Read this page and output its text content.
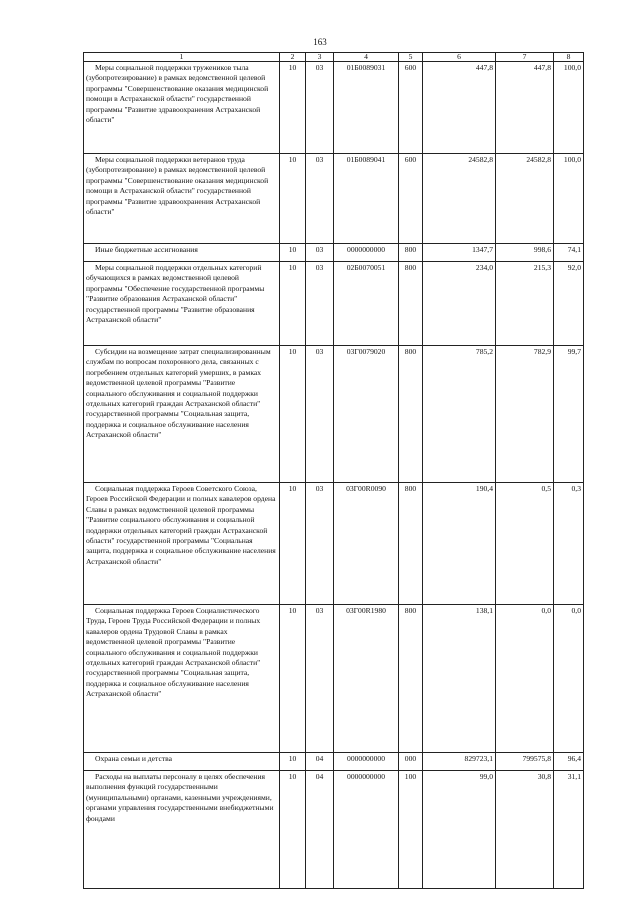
163
1	2	3	4	5	6	7	8
Меры социальной поддержки тружеников тыла (зубопротезирование) в рамках ведомственной целевой программы "Совершенствование оказания медицинской помощи в Астраханской области" государственной программы "Развитие здравоохранения Астраханской области"	10	03	01Б0089031	600	447,8	447,8	100,0
Меры социальной поддержки ветеранов труда (зубопротезирование) в рамках ведомственной целевой программы "Совершенствование оказания медицинской помощи в Астраханской области" государственной программы "Развитие здравоохранения Астраханской области"	10	03	01Б0089041	600	24582,8	24582,8	100,0
Иные бюджетные ассигнования	10	03	0000000000	800	1347,7	998,6	74,1
Меры социальной поддержки отдельных категорий обучающихся в рамках ведомственной целевой программы "Обеспечение государственной программы "Развитие образования Астраханской области" государственной программы "Развитие образования Астраханской области"	10	03	02Б0070051	800	234,0	215,3	92,0
Субсидии на возмещение затрат специализированным службам по вопросам похоронного дела, связанных с погребением отдельных категорий умерших, в рамках ведомственной целевой программы "Развитие социального обслуживания и социальной поддержки отдельных категорий граждан Астраханской области" государственной программы "Социальная защита, поддержка и социальное обслуживание населения Астраханской области"	10	03	03Г0079020	800	785,2	782,9	99,7
Социальная поддержка Героев Советского Союза, Героев Российской Федерации и полных кавалеров ордена Славы в рамках ведомственной целевой программы "Развитие социального обслуживания и социальной поддержки отдельных категорий граждан Астраханской области" государственной программы "Социальная защита, поддержка и социальное обслуживание населения Астраханской области"	10	03	03Г00R0090	800	190,4	0,5	0,3
Социальная поддержка Героев Социалистического Труда, Героев Труда Российской Федерации и полных кавалеров ордена Трудовой Славы в рамках ведомственной целевой программы "Развитие социального обслуживания и социальной поддержки отдельных категорий граждан Астраханской области" государственной программы "Социальная защита, поддержка и социальное обслуживание населения Астраханской области"	10	03	03Г00R1980	800	138,1	0,0	0,0
Охрана семьи и детства	10	04	0000000000	000	829723,1	799575,8	96,4
Расходы на выплаты персоналу в целях обеспечения выполнения функций государственными (муниципальными) органами, казенными учреждениями, органами управления государственными внебюджетными фондами	10	04	0000000000	100	99,0	30,8	31,1
